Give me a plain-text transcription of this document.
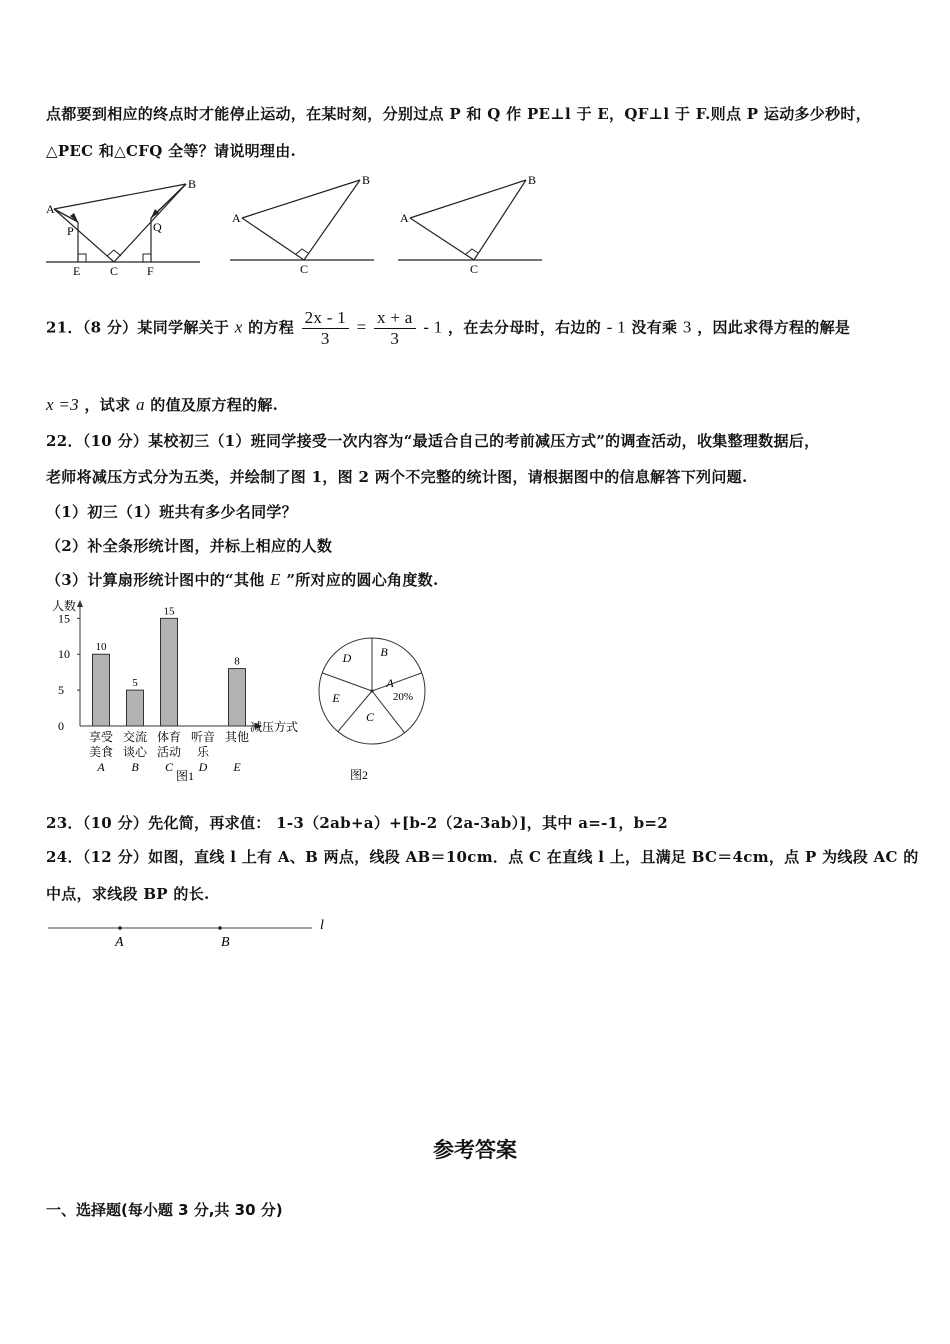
点都要到相应的终点时才能停止运动，在某时刻，分别过点 P 和 Q 作 PE⊥l 于 E，QF⊥l 于 F.则点 P 运动多少秒时，
△PEC 和△CFQ 全等？请说明理由.
A
B
P	Q
E C F
A
B
C
A
B
C
21．（8 分）某同学解关于 x 的方程 $\frac{2x - 1}{3} = \frac{x + a}{3} - 1$ ，在去分母时，右边的 - 1 没有乘 3 ，因此求得方程的解是
x =3 ，试求 a 的值及原方程的解.
22．（10 分）某校初三（1）班同学接受一次内容为“最适合自己的考前减压方式”的调查活动，收集整理数据后，
老师将减压方式分为五类，并绘制了图 1，图 2 两个不完整的统计图，请根据图中的信息解答下列问题.
（1）初三（1）班共有多少名同学？
（2）补全条形统计图，并标上相应的人数
（3）计算扇形统计图中的“其他 E ”所对应的圆心角度数.
人数
减压方式
图1
0
5
10
15
10
享受
美食
A
5
交流
谈心
B
15
体育
活动
C
听音
乐
D
8
其他
E
图2
A
B
C
D
E	20%
23．（10 分）先化简，再求值： 1-3（2ab+a）+[b-2（2a-3ab）]，其中 a=-1，b=2
24．（12 分）如图，直线 l 上有 A、B 两点，线段 AB＝10cm．点 C 在直线 l 上，且满足 BC＝4cm，点 P 为线段 AC 的
中点，求线段 BP 的长.
A	B
l
参考答案
一、选择题(每小题 3 分,共 30 分)
